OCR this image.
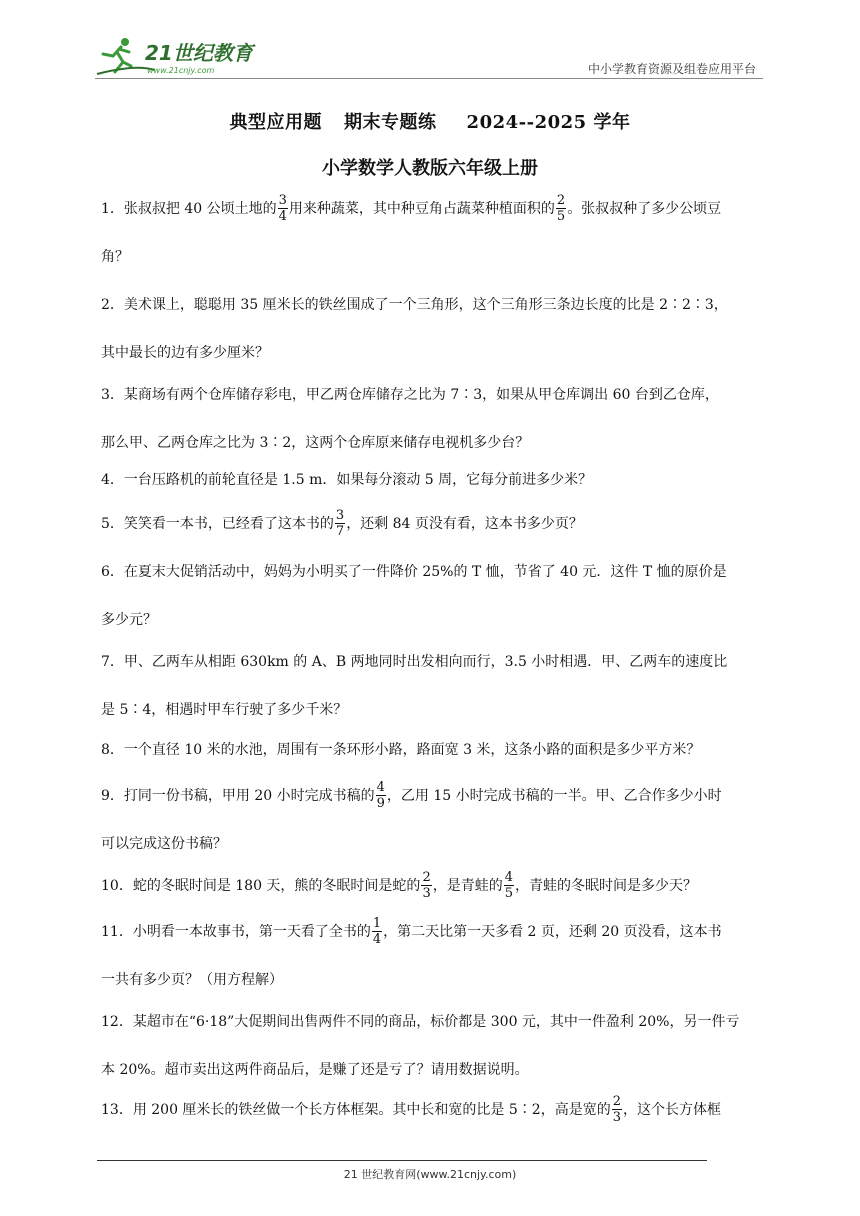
21世纪教育
www.21cnjy.com	中小学教育资源及组卷应用平台
典型应用题 期末专题练 2024--2025 学年
小学数学人教版六年级上册
1．张叔叔把 40 公顷土地的 $\frac{3}{4}$ 用来种蔬菜，其中种豆角占蔬菜种植面积的 $\frac{2}{5}$ 。张叔叔种了多少公顷豆
角？
2．美术课上，聪聪用 35 厘米长的铁丝围成了一个三角形，这个三角形三条边长度的比是 2∶2∶3，
其中最长的边有多少厘米？
3．某商场有两个仓库储存彩电，甲乙两仓库储存之比为 7∶3，如果从甲仓库调出 60 台到乙仓库，
那么甲、乙两仓库之比为 3∶2，这两个仓库原来储存电视机多少台？
4．一台压路机的前轮直径是 1.5 m．如果每分滚动 5 周，它每分前进多少米？
5．笑笑看一本书，已经看了这本书的 $\frac{3}{7}$ ，还剩 84 页没有看，这本书多少页？
6．在夏末大促销活动中，妈妈为小明买了一件降价 25%的 T 恤，节省了 40 元．这件 T 恤的原价是
多少元？
7．甲、乙两车从相距 630km 的 A、B 两地同时出发相向而行，3.5 小时相遇．甲、乙两车的速度比
是 5∶4，相遇时甲车行驶了多少千米？
8．一个直径 10 米的水池，周围有一条环形小路，路面宽 3 米，这条小路的面积是多少平方米？
9．打同一份书稿，甲用 20 小时完成书稿的 $\frac{4}{9}$ ，乙用 15 小时完成书稿的一半。甲、乙合作多少小时
可以完成这份书稿？
10．蛇的冬眠时间是 180 天，熊的冬眠时间是蛇的 $\frac{2}{3}$ ，是青蛙的 $\frac{4}{5}$ ，青蛙的冬眠时间是多少天？
11．小明看一本故事书，第一天看了全书的 $\frac{1}{4}$ ，第二天比第一天多看 2 页，还剩 20 页没看，这本书
一共有多少页？（用方程解）
12．某超市在“6·18”大促期间出售两件不同的商品，标价都是 300 元，其中一件盈利 20%，另一件亏
本 20%。超市卖出这两件商品后，是赚了还是亏了？请用数据说明。
13．用 200 厘米长的铁丝做一个长方体框架。其中长和宽的比是 5∶2，高是宽的 $\frac{2}{3}$ ，这个长方体框
21 世纪教育网(www.21cnjy.com)
